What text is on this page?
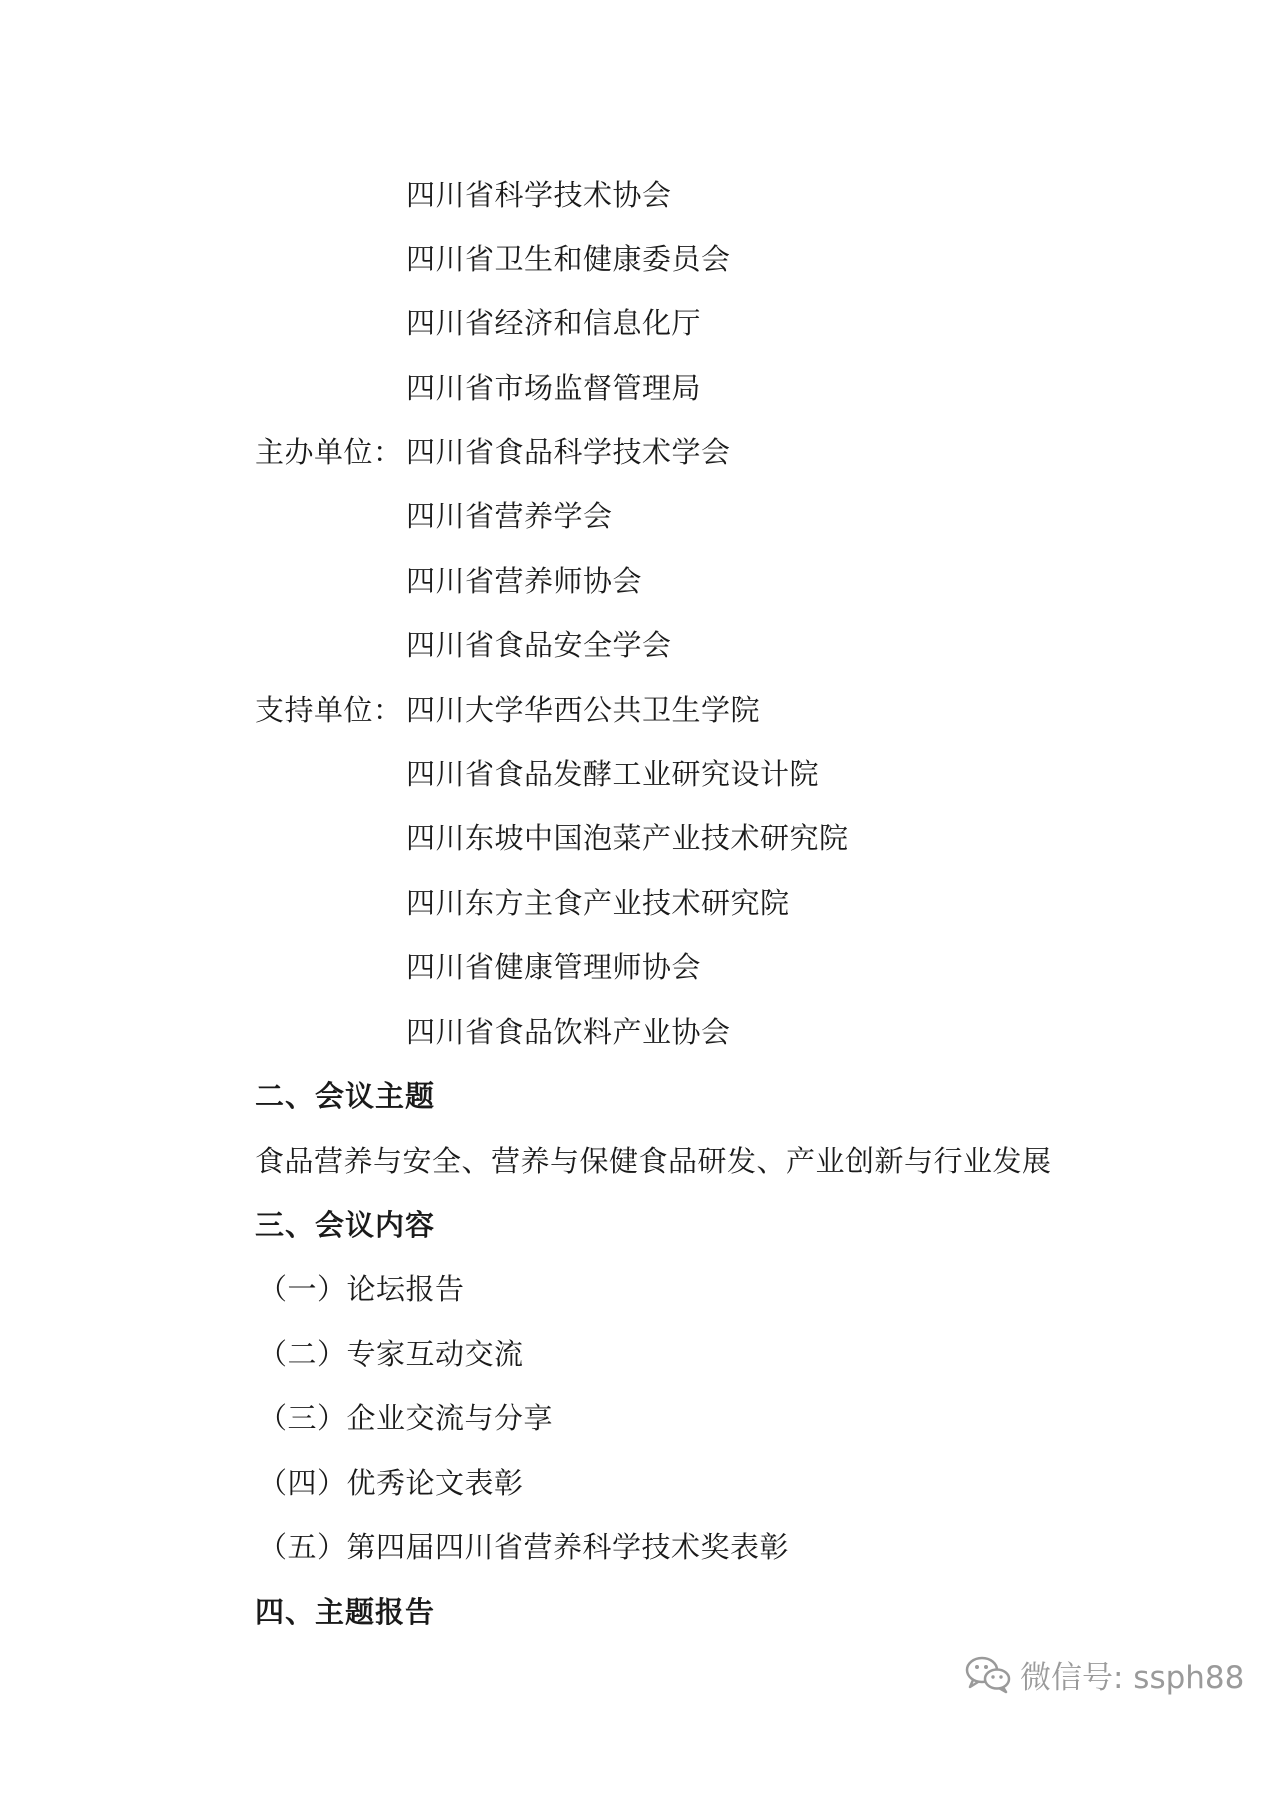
四川省科学技术协会
四川省卫生和健康委员会
四川省经济和信息化厅
四川省市场监督管理局
主办单位： 四川省食品科学技术学会
四川省营养学会
四川省营养师协会
四川省食品安全学会
支持单位： 四川大学华西公共卫生学院
四川省食品发酵工业研究设计院
四川东坡中国泡菜产业技术研究院
四川东方主食产业技术研究院
四川省健康管理师协会
四川省食品饮料产业协会
二、会议主题
食品营养与安全、营养与保健食品研发、产业创新与行业发展
三、会议内容
（一）论坛报告
（二）专家互动交流
（三）企业交流与分享
（四）优秀论文表彰
（五）第四届四川省营养科学技术奖表彰
四、主题报告
微信号: ssph88
